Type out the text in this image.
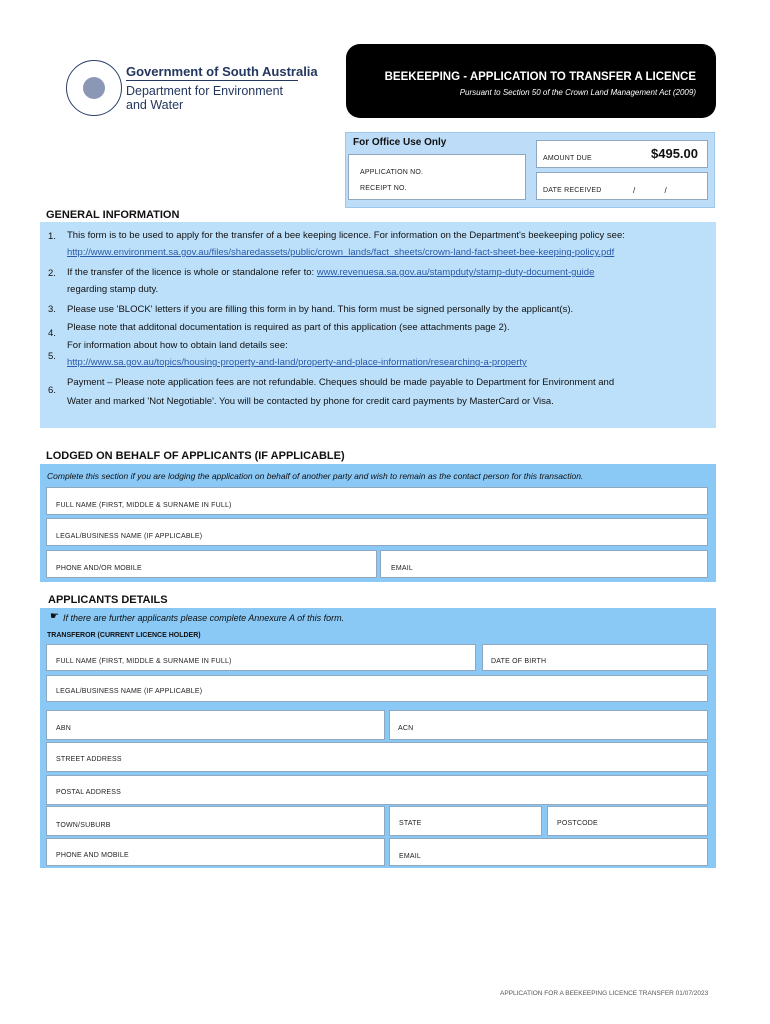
Government of South Australia
Department for Environment
and Water
BEEKEEPING - APPLICATION TO TRANSFER A LICENCE
Pursuant to Section 50 of the Crown Land Management Act (2009)
For Office Use Only
APPLICATION NO.
RECEIPT NO.
AMOUNT DUE	$495.00
DATE RECEIVED	/            /
GENERAL INFORMATION
1. This form is to be used to apply for the transfer of a bee keeping licence. For information on the Department's beekeeping policy see:
http://www.environment.sa.gov.au/files/sharedassets/public/crown_lands/fact_sheets/crown-land-fact-sheet-bee-keeping-policy.pdf
2. If the transfer of the licence is whole or standalone refer to: www.revenuesa.sa.gov.au/stampduty/stamp-duty-document-guide
regarding stamp duty.
3. Please use 'BLOCK' letters if you are filling this form in by hand. This form must be signed personally by the applicant(s).
4.
Please note that additonal documentation is required as part of this application (see attachments page 2).
5.
For information about how to obtain land details see:
http://www.sa.gov.au/topics/housing-property-and-land/property-and-place-information/researching-a-property
6.
Payment – Please note application fees are not refundable. Cheques should be made payable to Department for Environment and
Water and marked 'Not Negotiable'. You will be contacted by phone for credit card payments by MasterCard or Visa.
LODGED ON BEHALF OF APPLICANTS (IF APPLICABLE)
Complete this section if you are lodging the application on behalf of another party and wish to remain as the contact person for this transaction.
FULL NAME (FIRST, MIDDLE & SURNAME IN FULL)
LEGAL/BUSINESS NAME (IF APPLICABLE)
PHONE AND/OR MOBILE	EMAIL
APPLICANTS DETAILS
☛ If there are further applicants please complete Annexure A of this form.
TRANSFEROR (CURRENT LICENCE HOLDER)
FULL NAME (FIRST, MIDDLE & SURNAME IN FULL)	DATE OF BIRTH
LEGAL/BUSINESS NAME (IF APPLICABLE)
ABN	ACN
STREET ADDRESS
POSTAL ADDRESS
TOWN/SUBURB	STATE	POSTCODE
PHONE AND MOBILE	EMAIL
APPLICATION FOR A BEEKEEPING LICENCE TRANSFER 01/07/2023
